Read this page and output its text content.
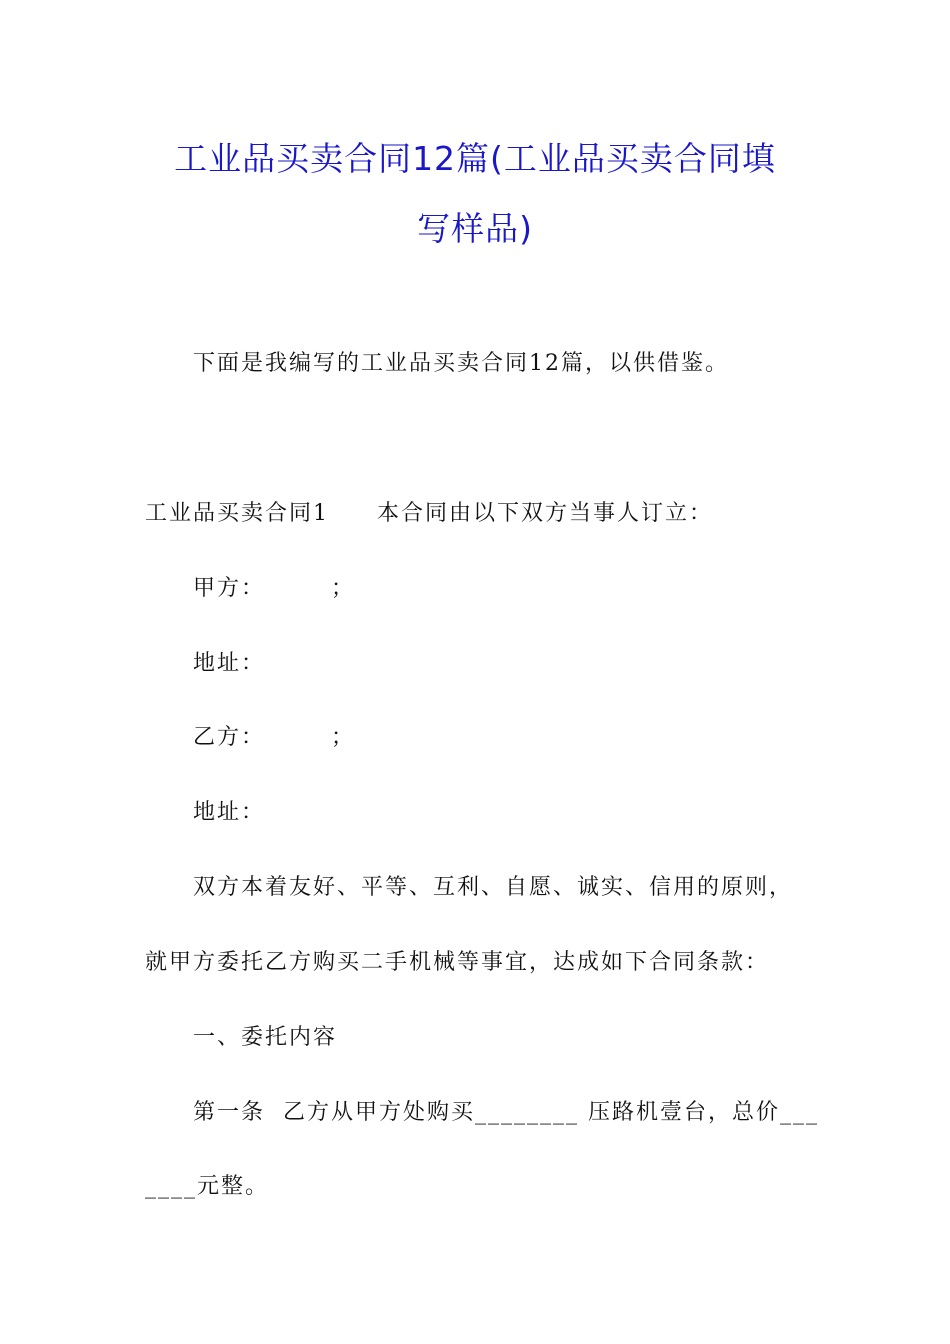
工业品买卖合同12篇(工业品买卖合同填
写样品)
下面是我编写的工业品买卖合同12篇，以供借鉴。
工业品买卖合同1 本合同由以下双方当事人订立：
甲方：	；
地址：
乙方：	；
地址：
双方本着友好、平等、互利、自愿、诚实、信用的原则，
就甲方委托乙方购买二手机械等事宜，达成如下合同条款：
一、委托内容
第一条  乙方从甲方处购买________ 压路机壹台，总价___
____元整。
